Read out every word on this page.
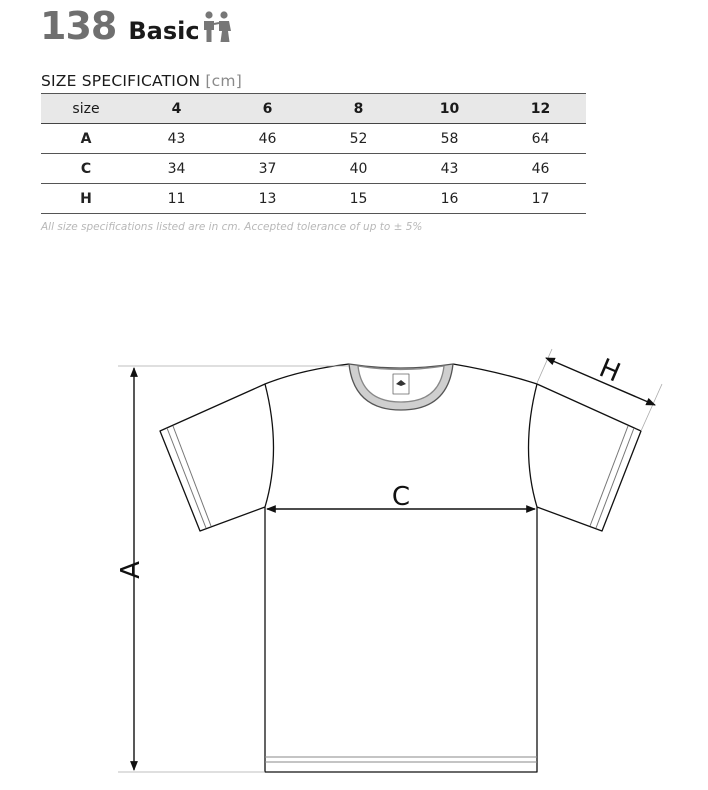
138 Basic
SIZE SPECIFICATION [cm]
size	4	6	8	10	12
A	43	46	52	58	64
C	34	37	40	43	46
H	11	13	15	16	17
All size specifications listed are in cm. Accepted tolerance of up to ± 5%
A
C
H
